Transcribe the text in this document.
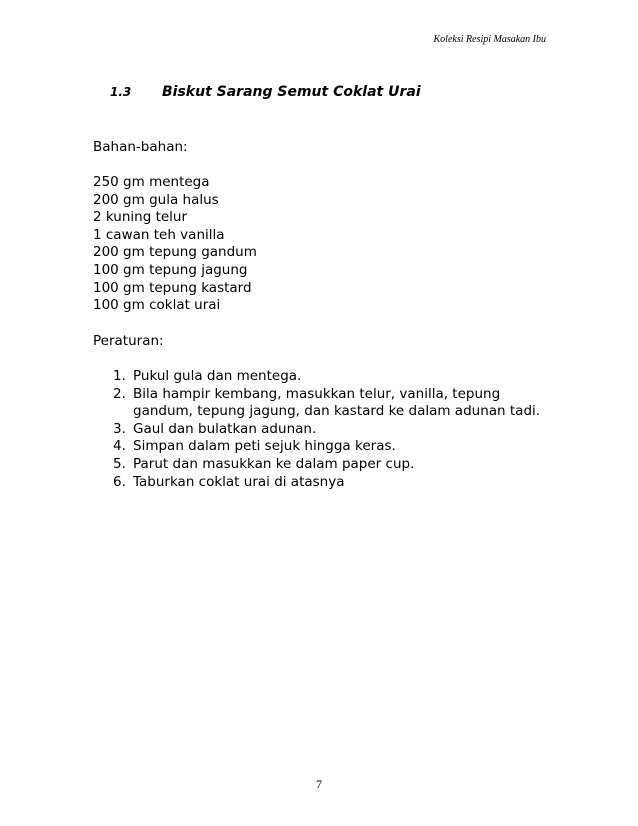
Koleksi Resipi Masakan Ibu
1.3 Biskut Sarang Semut Coklat Urai
Bahan-bahan:
250 gm mentega
200 gm gula halus
2 kuning telur
1 cawan teh vanilla
200 gm tepung gandum
100 gm tepung jagung
100 gm tepung kastard
100 gm coklat urai
Peraturan:
1. Pukul gula dan mentega.
2. Bila hampir kembang, masukkan telur, vanilla, tepung gandum, tepung jagung, dan kastard ke dalam adunan tadi.
3. Gaul dan bulatkan adunan.
4. Simpan dalam peti sejuk hingga keras.
5. Parut dan masukkan ke dalam paper cup.
6. Taburkan coklat urai di atasnya
7
